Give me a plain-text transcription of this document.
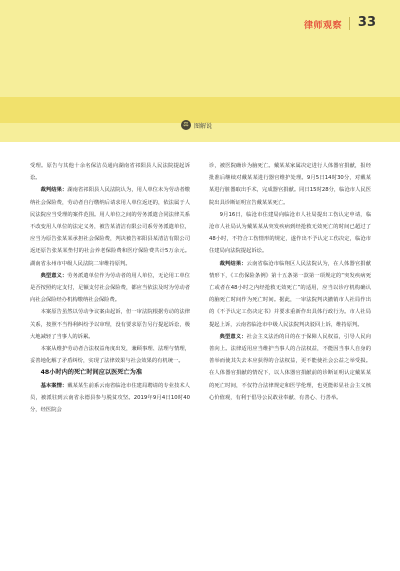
律师观察 33
⚖ 图解说

受理。原告与其他十余名保洁员通向湖南省祁阳县人民法院提起诉讼。

裁判结果：湖南省祁阳县人民法院认为，用人单位未为劳动者缴纳社会保险费，劳动者自行缴纳后请求用人单位返还的，依法属于人民法院应当受理的案件范围。用人单位之间的劳务派遣合同法律关系不改变用人单位的法定义务，被告某清洁有限公司系劳务派遣单位，应当为原告张某某承担社会保险费，判决被告祁阳县某清洁有限公司返还原告张某某垫付的社会养老保险费和医疗保险费共计5万余元。湖南省永州市中级人民法院二审维持原判。

典型意义：劳务派遣单位作为劳动者的用人单位，无论用工单位是否按照约定支付，足额支付社会保险费，都应当依法及时为劳动者向社会保险经办机构缴纳社会保险费。

本案原告虽然以劳动争议案由起诉，但一审法院根据劳动的法律关系，按照不当得利纠纷予以审理，没有要求原告另行提起诉讼，极大地减轻了当事人的诉累。

本案从维护劳动者合法权益角度出发，兼顾事理、法理与情理，妥善地化解了矛盾纠纷，实现了法律效果与社会效果的有机统一。

48小时内的死亡时间应以医死亡为准

基本案情：戴某某生前系云南省临沧市住建局聘请的专业技术人员，被派驻到云南省永德县参与脱贫攻坚。2019年9月4日10时40分，经医院会

诊，被医院确诊为脑死亡。戴某某家属决定进行人体器官捐献，报经批准后继续对戴某某进行器官维护处理。9月5日14时30分，对戴某某进行脏器取出手术，完成器官捐献。同日15时28分，临沧市人民医院出具诊断证明宣告戴某某死亡。

9月16日，临沧市住建局向临沧市人社局提出工伤认定申请，临沧市人社局认为戴某某从突发疾病到经抢救无效死亡的时间已超过了48小时，不符合工伤情形的规定，遂作出不予认定工伤决定，临沧市住建局向法院提起诉讼。

裁判结果：云南省临沧市临翔区人民法院认为，在人体器官捐献情形下，《工伤保险条例》第十五条第一款第一项规定的“突发疾病死亡或者在48小时之内经抢救无效死亡”的适用，应当以诊疗机构确认的脑死亡时间作为死亡时间。据此，一审法院判决撤销市人社局作出的《不予认定工伤决定书》并要求重新作出具体行政行为。市人社局提起上诉，云南省临沧市中级人民法院判决驳回上诉，维持原判。

典型意义：社会主义法治的目的在于保障人民权益，引导人民向善向上。法律适用应当维护当事人的合法权益，不能因当事人自身的善举而使其失去本应获得的合法权益，更不能使社会公益之举受损。在人体器官捐献的情况下，以人体器官捐献前的诊断证明认定戴某某的死亡时间，不仅符合法律规定和医学伦理，也更能彰显社会主义核心价值观，有利于倡导公民敢业奉献、有善心、行善举。
